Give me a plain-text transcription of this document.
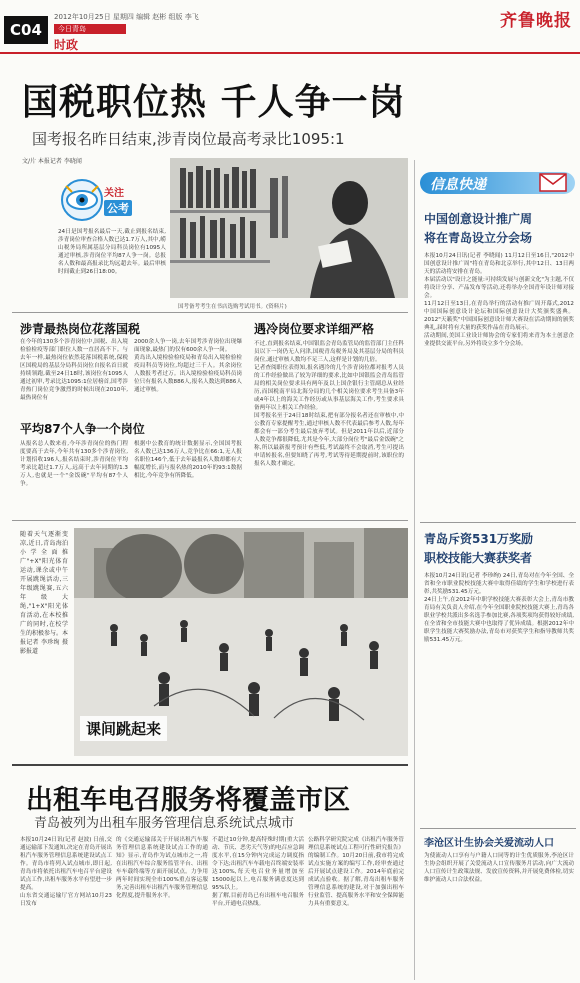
C04
2012年10月25日 星期四 编辑 赵彬 组版 李飞
今日青岛
时政
齐鲁晚报
国税职位热 千人争一岗
国考报名昨日结束,涉青岗位最高考录比1095:1
文/片 本报记者 李晓闻
关注
公考
24日是国考报名最后一天,截止到报名结束,涉青岗位审查合格人数已达1.7万人,其中,崂山税务局所属基层分局科员岗位有1095人通过审核,涉青岗位平均87人争一岗。总报名人数和最高报录比均远超去年。最后审核时间截止到26日18:00。
国考备考考生在书店选购考试用书。(资料片)
涉青最热岗位花落国税
在今年的130多个涉青岗位中,国税、出入境检验检疫等部门职位人数一直居高不下。与去年一样,最热岗位依然花落国税系统,保税区国税局的基层分局科员岗位自报名首日就持续领跑,截至24日18时,该岗位有1095人通过初审,考录比达1095:1位居榜首,国考涉青热门岗位竞争激烈的时候出现在2010年,最热岗位有
2000余人争一岗,去年国考涉青岗位出现爆面现象,最热门的仅有600余人争一岗。
黄岛出入境检验检疫局和青岛出入境检验检疫局科员等岗位,均超过三千人。其余岗位人数报考者过万。出入境检验检疫局科员岗位只有报名人数886人,报名人数达到886人通过审核。
平均87个人争一个岗位
从报名总人数来看,今年涉青岗位的热门程度要高于去年,今年共有130多个涉青岗位,计划招收196人,报名结束时,涉青岗位平均考录比超过1.7万人,远高于去年同期的1.3万人,也就是一个"金饭碗"平均有87个人争。
根据中公教育的统计数据显示,全国国考报名人数已达136万人,竞争比在66:1,无人报名职位146个,低于去年最报名人数却都有大幅度增长,而与报名热的2010年的93:1数据相比,今年竞争有所降低。
遇冷岗位要求详细严格
不过,直到报名结束,中国银监会青岛监管局的监管部门主任科员以下一岗仍无人问津,国税青岛税务局及其基层分局的科员岗位,通过审核人数均不足三人,这样是计划的几倍。
记者查阅职位表得知,报名遇冷的几个涉青岗位都对报考人员的工作经验做出了较为详细的要求,比如中国银监会青岛监管局的相关岗位要求具有两年及以上国企银行主管副总从业经历,而国税南平局北海分局的几个相关岗位要求考生具备3年或4年以上的海关工作经历或从事基层海关工作,考生要求具备两年以上相关工作经验。
国考报名至于24日18时结束,把有部分报名者还在审核中,中公教育专家提醒考生,通过审核人数不代表最后参考人数,每年都会有一部分考生最后放弃考试。但是2011年以后,近部分人数竞争都很降低,尤其是今年,大部分岗位考"最后金饭碗"之称,所以最新报考预计有些低,考试最终不会取消,考生可提出申请转报名,但要知晓了再考,考试等待延期提前时,该职位的报名人数才确定。
随着天气逐渐变凉,近日,青岛海泊小学全面推广"+X"阳光体育运动,课余或中午开展跳绳活动,三年级跳绳赛,五六年级大绳,"1+X"阳光体育活动,在本校推广的同时,在校学生的积极参与。本报记者 李珍绚 摄影报道
课间跳起来
出租车电召服务将覆盖市区
青岛被列为出租车服务管理信息系统试点城市
本报10月24日讯(记者 赵波) 日前,交通运输部下发通知,决定在青岛开展出租汽车服务管理信息系统建设试点工作。青岛市将列入试点城市,即日起,青岛市将依托出租汽车电召平台建设试点工作,出租车服务水平有望进一步提高。
山东省交通运输厅官方网站10月23日发布
的《交通运输部关于开展出租汽车服务管理信息系统建设试点工作的通知》显示,青岛作为试点城市之一,将在出租汽车综合服务监管平台、出租车车载终端等方面开展试点。力争用两年时间实现全市100%重点客运服务,完善出租车出租汽车服务管理信息化程度,提升服务水平。
不超过10分钟,提高特殊时期(重大活动、节庆、恶劣天气等)的电召应急调度水平,在15分钟内完成运力调度指令下达;出租汽车车载电召终端安装率达100%,每天电召业务量增加至15000起以上,电召服务满意度达到95%以上。
据了解,目前青岛已有出租车电召服务平台,开通电召热线。
公路科学研究院完成《出租汽车服务管理信息系统试点工程可行性研究报告》的编制工作。10月20日前,我市将完成试点实施方案的编写工作,经审查通过后开展试点建设工作。2014年底前完成试点验收。据了解,青岛出租车服务管理信息系统的建设,对于加强出租车行业监管、提高服务水平和安全保障能力具有重要意义。
信息快递
中国创意设计推广周
将在青岛设立分会场
本报10月24日讯(记者 李晓闻) 11月12日至16日,"2012中国创意设计推广周"将在青岛和北京举行,其中12日、13日两天的活动将安排在青岛。
本届活动以"设计之能量:可持续发展与创新文化"为主题,不仅将设计分享、产品发布等活动,还将举办全国青年设计师对接会。
11月12日至13日,在青岛举行的活动有推广周开幕式,2012中国国际创意设计论坛和国际创意设计大奖颁奖盛典。2012"天籁奖"中国国际创意设计师大赛设在活动期间的颁奖典礼,届时将有大量的获奖作品在青岛展示。
活动期间,美国工业设计师协会的专家们将来青为本土创意企业提供交流平台,另外将设立多个分会场。
青岛斥资531万奖励
职校技能大赛获奖者
本报10月24日讯(记者 李珍绚) 24日,青岛对在今年全国、全省和全市职业院校技能大赛中取得佳绩的学生和学校进行表彰,共奖励531.45万元。
24日上午,在2012年中职学校技能大赛表彰大会上,青岛市教育局有关负责人介绍,在今年全国职业院校技能大赛上,青岛各职业学校共派出多名选手参加比赛,各项奖项均获得较好成绩,在全省和全市技能大赛中也取得了优异成绩。根据2012年中职学生技能大赛奖励办法,青岛市对获奖学生和指导教师共奖励531.45万元。
李沧区计生协会关爱流动人口
为使流动人口享有与户籍人口同等的计生优质服务,李沧区计生协会组织开展了关爱流动人口宣传服务月活动,向广大流动人口宣传计生政策法规、发放宣传资料,并开展免费体检,切实维护流动人口合法权益。
